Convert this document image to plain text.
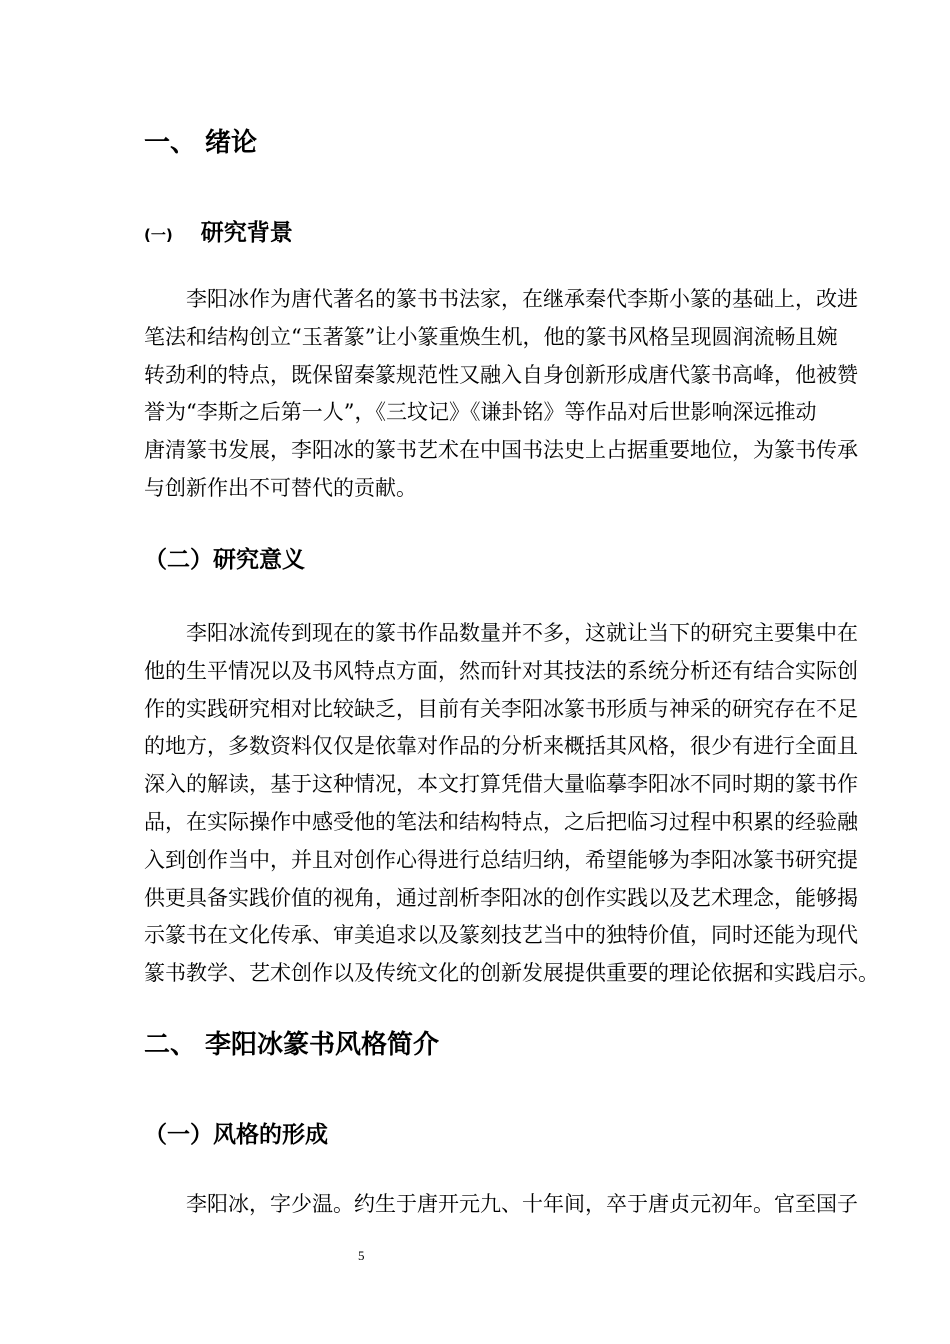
一、 绪论
(一) 研究背景
李阳冰作为唐代著名的篆书书法家，在继承秦代李斯小篆的基础上，改进
笔法和结构创立“玉著篆”让小篆重焕生机，他的篆书风格呈现圆润流畅且婉
转劲利的特点，既保留秦篆规范性又融入自身创新形成唐代篆书高峰，他被赞
誉为“李斯之后第一人”，《三坟记》《谦卦铭》等作品对后世影响深远推动
唐清篆书发展，李阳冰的篆书艺术在中国书法史上占据重要地位，为篆书传承
与创新作出不可替代的贡献。
（二）研究意义
李阳冰流传到现在的篆书作品数量并不多，这就让当下的研究主要集中在
他的生平情况以及书风特点方面，然而针对其技法的系统分析还有结合实际创
作的实践研究相对比较缺乏，目前有关李阳冰篆书形质与神采的研究存在不足
的地方，多数资料仅仅是依靠对作品的分析来概括其风格，很少有进行全面且
深入的解读，基于这种情况，本文打算凭借大量临摹李阳冰不同时期的篆书作
品，在实际操作中感受他的笔法和结构特点，之后把临习过程中积累的经验融
入到创作当中，并且对创作心得进行总结归纳，希望能够为李阳冰篆书研究提
供更具备实践价值的视角，通过剖析李阳冰的创作实践以及艺术理念，能够揭
示篆书在文化传承、审美追求以及篆刻技艺当中的独特价值，同时还能为现代
篆书教学、艺术创作以及传统文化的创新发展提供重要的理论依据和实践启示。
二、 李阳冰篆书风格简介
（一）风格的形成
李阳冰，字少温。约生于唐开元九、十年间，卒于唐贞元初年。官至国子
5
